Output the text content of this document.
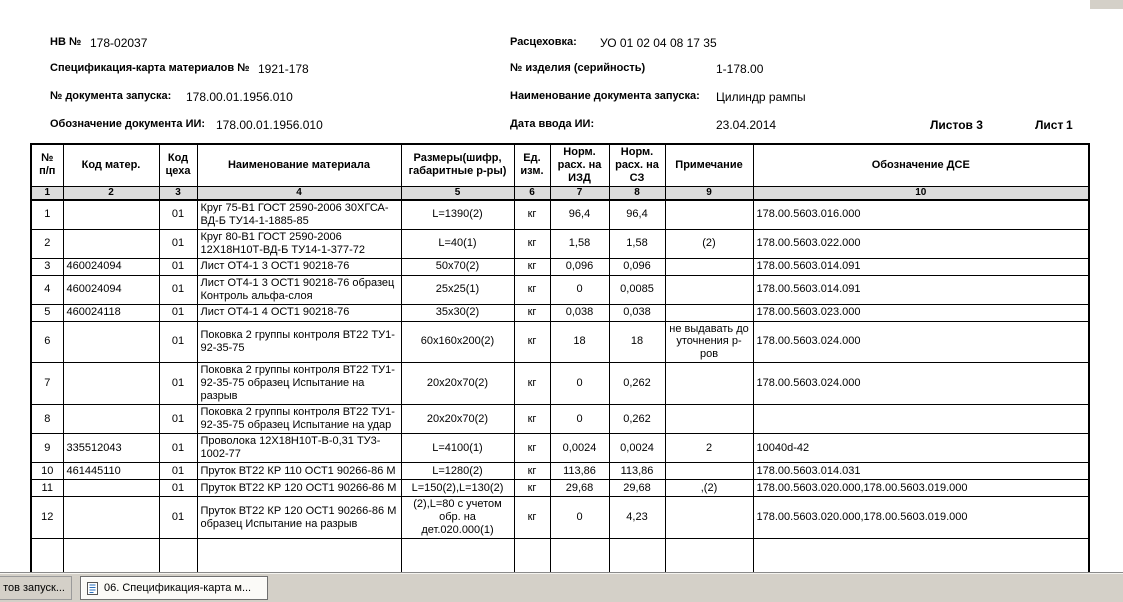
НВ № 178-02037	Расцеховка: УО 01 02 04 08 17 35
Спецификация-карта материалов № 1921-178	№ изделия (серийность)	1-178.00
№ документа запуска: 178.00.01.1956.010	Наименование документа запуска: Цилиндр рампы
Обозначение документа ИИ: 178.00.01.1956.010	Дата ввода ИИ:	23.04.2014	Листов 3	Лист 1
№ п/п	Код матер.	Код цеха	Наименование материала	Размеры(шифр, габаритные р-ры)	Ед. изм.	Норм. расх. на ИЗД	Норм. расх. на СЗ	Примечание	Обозначение ДСЕ
1	2	3	4	5	6	7	8	9	10
1		01	Круг 75-В1 ГОСТ 2590-2006 30ХГСА-ВД-Б ТУ14-1-1885-85	L=1390(2)	кг	96,4	96,4		178.00.5603.016.000
2		01	Круг 80-В1 ГОСТ 2590-2006 12Х18Н10Т-ВД-Б ТУ14-1-377-72	L=40(1)	кг	1,58	1,58	(2)	178.00.5603.022.000
3	460024094	01	Лист ОТ4-1 3 ОСТ1 90218-76	50х70(2)	кг	0,096	0,096		178.00.5603.014.091
4	460024094	01	Лист ОТ4-1 3 ОСТ1 90218-76 образец Контроль альфа-слоя	25х25(1)	кг	0	0,0085		178.00.5603.014.091
5	460024118	01	Лист ОТ4-1 4 ОСТ1 90218-76	35х30(2)	кг	0,038	0,038		178.00.5603.023.000
6		01	Поковка 2 группы контроля ВТ22 ТУ1-92-35-75	60х160х200(2)	кг	18	18	не выдавать до уточнения р-ров	178.00.5603.024.000
7		01	Поковка 2 группы контроля ВТ22 ТУ1-92-35-75 образец Испытание на разрыв	20х20х70(2)	кг	0	0,262		178.00.5603.024.000
8		01	Поковка 2 группы контроля ВТ22 ТУ1-92-35-75 образец Испытание на удар	20х20х70(2)	кг	0	0,262		
9	335512043	01	Проволока 12Х18Н10Т-В-0,31 ТУ3-1002-77	L=4100(1)	кг	0,0024	0,0024	2	10040d-42
10	461445110	01	Пруток ВТ22 КР 110 ОСТ1 90266-86 М	L=1280(2)	кг	113,86	113,86		178.00.5603.014.031
11		01	Пруток ВТ22 КР 120 ОСТ1 90266-86 М	L=150(2),L=130(2)	кг	29,68	29,68	,(2)	178.00.5603.020.000,178.00.5603.019.000
12		01	Пруток ВТ22 КР 120 ОСТ1 90266-86 М образец Испытание на разрыв	(2),L=80 с учетом обр. на дет.020.000(1)	кг	0	4,23		178.00.5603.020.000,178.00.5603.019.000

тов запуск...	06. Спецификация-карта м...
